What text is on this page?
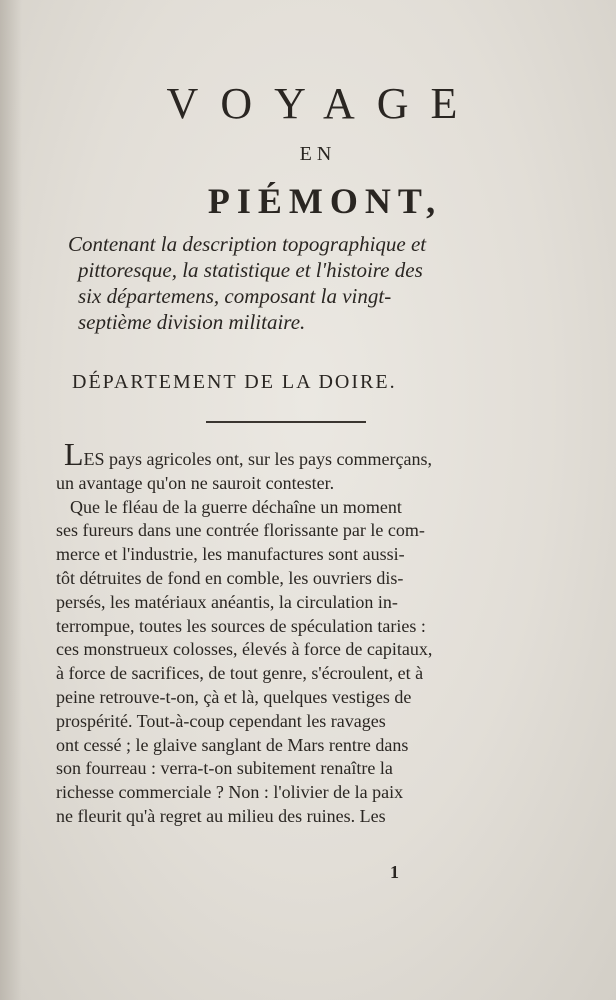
VOYAGE
EN
PIÉMONT,
Contenant la description topographique et
pittoresque, la statistique et l'histoire des
six départemens, composant la vingt-
septième division militaire.
DÉPARTEMENT DE LA DOIRE.
LES pays agricoles ont, sur les pays commerçans,
un avantage qu'on ne sauroit contester.
Que le fléau de la guerre déchaîne un moment
ses fureurs dans une contrée florissante par le com-
merce et l'industrie, les manufactures sont aussi-
tôt détruites de fond en comble, les ouvriers dis-
persés, les matériaux anéantis, la circulation in-
terrompue, toutes les sources de spéculation taries :
ces monstrueux colosses, élevés à force de capitaux,
à force de sacrifices, de tout genre, s'écroulent, et à
peine retrouve-t-on, çà et là, quelques vestiges de
prospérité. Tout-à-coup cependant les ravages
ont cessé ; le glaive sanglant de Mars rentre dans
son fourreau : verra-t-on subitement renaître la
richesse commerciale ? Non : l'olivier de la paix
ne fleurit qu'à regret au milieu des ruines. Les
1
